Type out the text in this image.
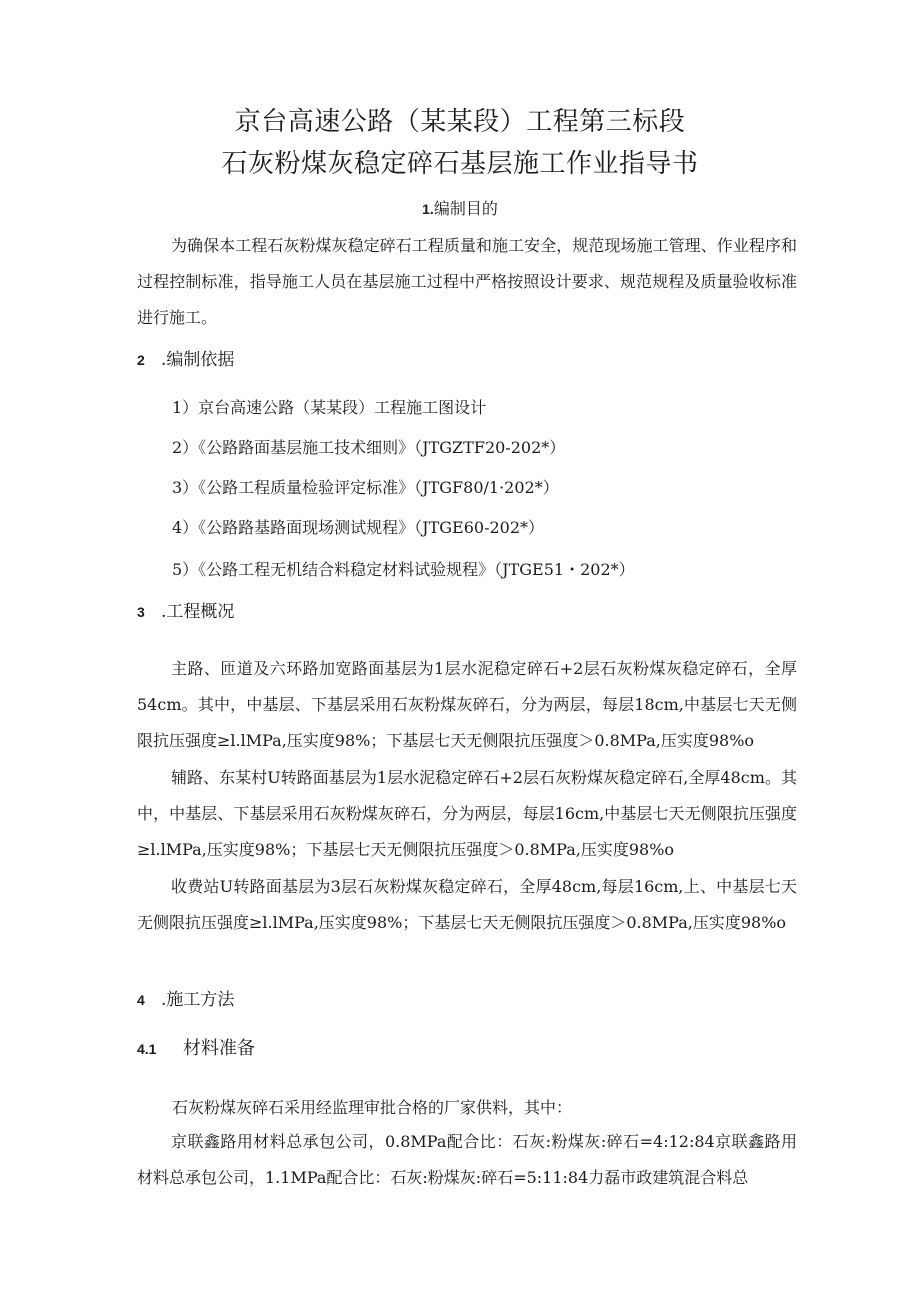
京台高速公路（某某段）工程第三标段
石灰粉煤灰稳定碎石基层施工作业指导书
1.编制目的

为确保本工程石灰粉煤灰稳定碎石工程质量和施工安全，规范现场施工管理、作业程序和过程控制标准，指导施工人员在基层施工过程中严格按照设计要求、规范规程及质量验收标准进行施工。

2 .编制依据
1）京台高速公路（某某段）工程施工图设计
2）《公路路面基层施工技术细则》（JTGZTF20-202*）
3）《公路工程质量检验评定标准》（JTGF80/1·202*）
4）《公路路基路面现场测试规程》（JTGE60-202*）
5）《公路工程无机结合料稳定材料试验规程》（JTGE51・202*）
3 .工程概况

主路、匝道及六环路加宽路面基层为1层水泥稳定碎石+2层石灰粉煤灰稳定碎石，全厚54cm。其中，中基层、下基层采用石灰粉煤灰碎石，分为两层，每层18cm,中基层七天无侧限抗压强度≥l.lMPa,压实度98%；下基层七天无侧限抗压强度＞0.8MPa,压实度98%o

辅路、东某村U转路面基层为1层水泥稳定碎石+2层石灰粉煤灰稳定碎石,全厚48cm。其中，中基层、下基层采用石灰粉煤灰碎石，分为两层，每层16cm,中基层七天无侧限抗压强度≥l.lMPa,压实度98%；下基层七天无侧限抗压强度＞0.8MPa,压实度98%o

收费站U转路面基层为3层石灰粉煤灰稳定碎石，全厚48cm,每层16cm,上、中基层七天无侧限抗压强度≥l.lMPa,压实度98%；下基层七天无侧限抗压强度＞0.8MPa,压实度98%o

4 .施工方法
4.1 材料准备
石灰粉煤灰碎石采用经监理审批合格的厂家供料，其中：

京联鑫路用材料总承包公司，0.8MPa配合比：石灰:粉煤灰:碎石=4:12:84京联鑫路用材料总承包公司，1.1MPa配合比：石灰:粉煤灰:碎石=5:11:84力磊市政建筑混合料总
